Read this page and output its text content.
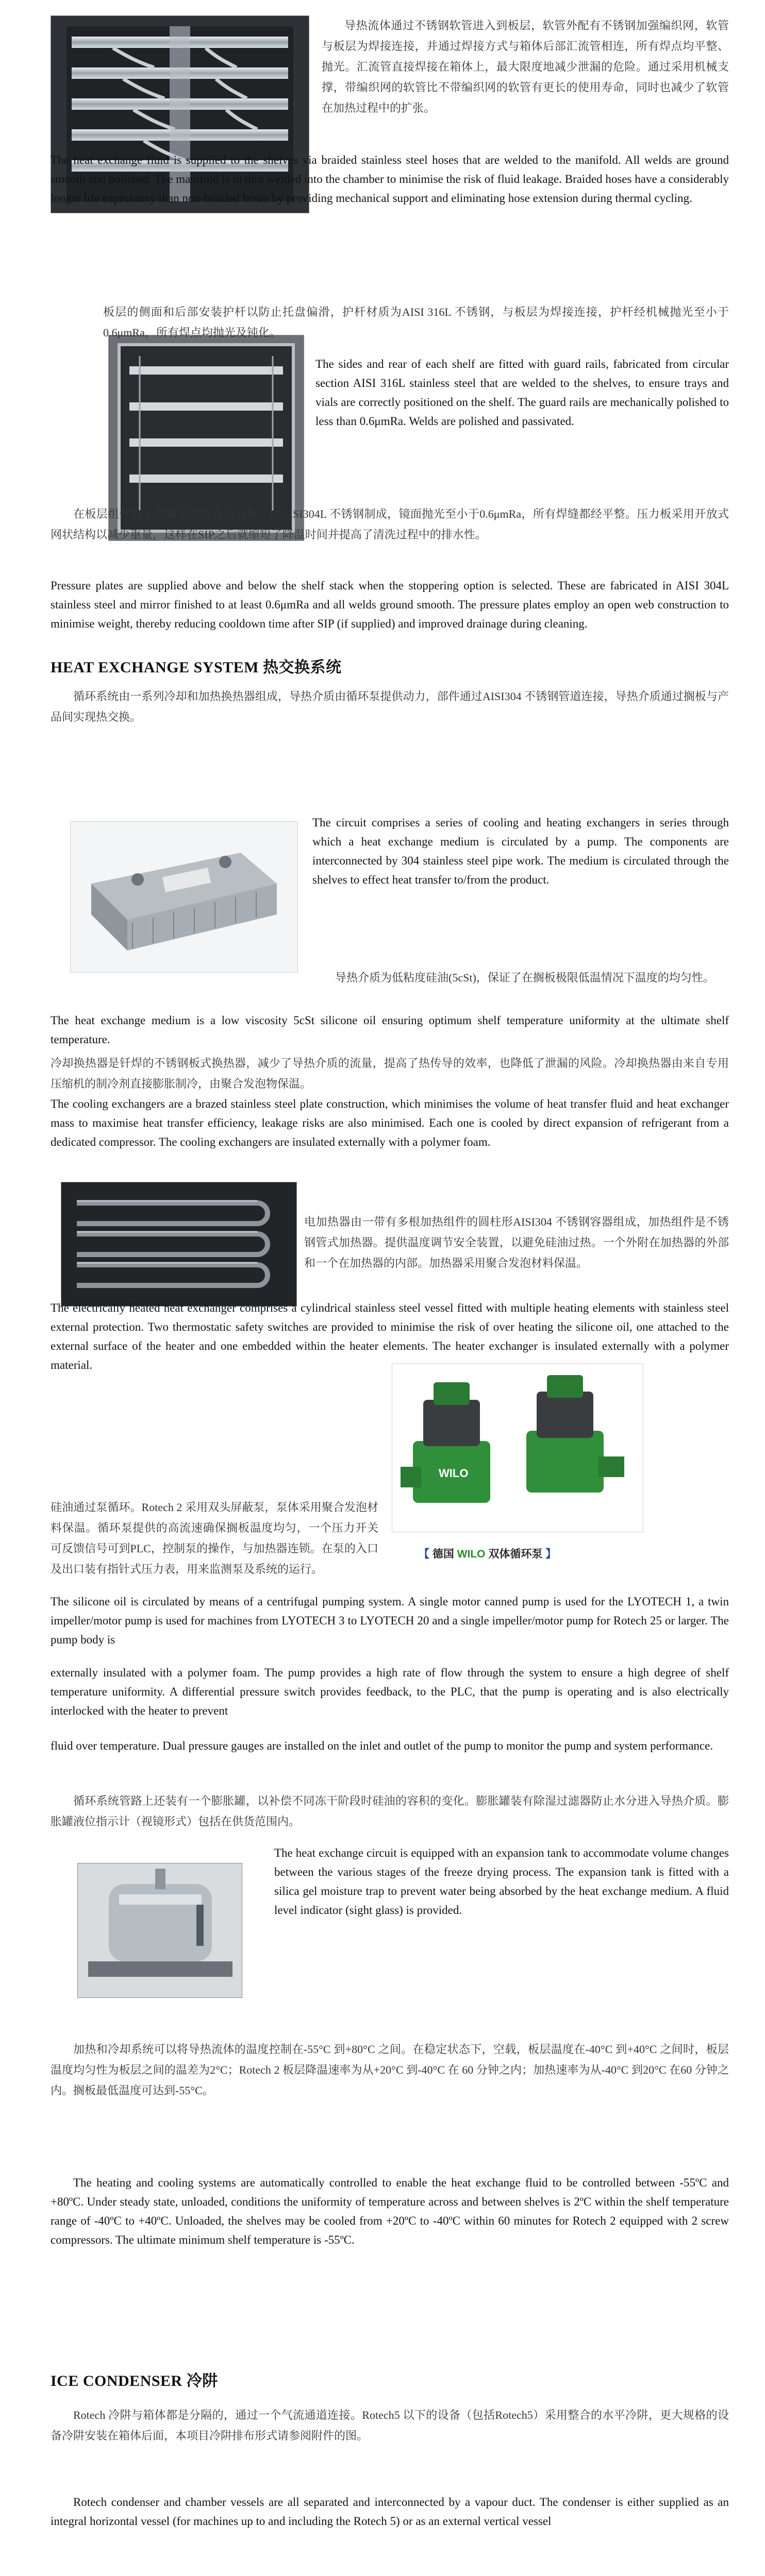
导热流体通过不锈钢软管进入到板层，软管外配有不锈钢加强编织网，软管与板层为焊接连接，并通过焊接方式与箱体后部汇流管相连，所有焊点均平整、抛光。汇流管直接焊接在箱体上，最大限度地减少泄漏的危险。通过采用机械支撑，带编织网的软管比不带编织网的软管有更长的使用寿命，同时也减少了软管在加热过程中的扩张。

The heat exchange fluid is supplied to the shelves via braided stainless steel hoses that are welded to the manifold. All welds are ground smooth and polished. The manifold is in turn welded into the chamber to minimise the risk of fluid leakage. Braided hoses have a considerably longer life expectancy than non-braided hoses by providing mechanical support and eliminating hose extension during thermal cycling.

板层的侧面和后部安装护杆以防止托盘偏滑，护杆材质为AISI 316L 不锈钢，与板层为焊接连接，护杆经机械抛光至小于0.6μmRa，所有焊点均抛光及钝化。

The sides and rear of each shelf are fitted with guard rails, fabricated from circular section AISI 316L stainless steel that are welded to the shelves, to ensure trays and vials are correctly positioned on the shelf. The guard rails are mechanically polished to less than 0.6μmRa. Welds are polished and passivated.

在板层组件的上部和下部装有压力板，由AISI304L 不锈钢制成，镜面抛光至小于0.6μmRa，所有焊缝都经平整。压力板采用开放式网状结构以减少重量，这样在SIP之后就缩短了降温时间并提高了清洗过程中的排水性。

Pressure plates are supplied above and below the shelf stack when the stoppering option is selected. These are fabricated in AISI 304L stainless steel and mirror finished to at least 0.6μmRa and all welds ground smooth. The pressure plates employ an open web construction to minimise weight, thereby reducing cooldown time after SIP (if supplied) and improved drainage during cleaning.

HEAT EXCHANGE SYSTEM 热交换系统

循环系统由一系列冷却和加热换热器组成，导热介质由循环泵提供动力，部件通过AISI304 不锈钢管道连接，导热介质通过搁板与产品间实现热交换。

The circuit comprises a series of cooling and heating exchangers in series through which a heat exchange medium is circulated by a pump. The components are interconnected by 304 stainless steel pipe work. The medium is circulated through the shelves to effect heat transfer to/from the product.

导热介质为低粘度硅油(5cSt)，保证了在搁板极限低温情况下温度的均匀性。

The heat exchange medium is a low viscosity 5cSt silicone oil ensuring optimum shelf temperature uniformity at the ultimate shelf temperature.

冷却换热器是钎焊的不锈钢板式换热器，减少了导热介质的流量，提高了热传导的效率，也降低了泄漏的风险。冷却换热器由来自专用压缩机的制冷剂直接膨胀制冷，由聚合发泡物保温。

The cooling exchangers are a brazed stainless steel plate construction, which minimises the volume of heat transfer fluid and heat exchanger mass to maximise heat transfer efficiency, leakage risks are also minimised. Each one is cooled by direct expansion of refrigerant from a dedicated compressor. The cooling exchangers are insulated externally with a polymer foam.

电加热器由一带有多根加热组件的圆柱形AISI304 不锈钢容器组成，加热组件是不锈钢管式加热器。提供温度调节安全装置，以避免硅油过热。一个外附在加热器的外部和一个在加热器的内部。加热器采用聚合发泡材料保温。

The electrically heated heat exchanger comprises a cylindrical stainless steel vessel fitted with multiple heating elements with stainless steel external protection. Two thermostatic safety switches are provided to minimise the risk of over heating the silicone oil, one attached to the external surface of the heater and one embedded within the heater elements. The heater exchanger is insulated externally with a polymer material.

WILO
【 德国 WILO 双体循环泵 】

硅油通过泵循环。Rotech 2 采用双头屏蔽泵，泵体采用聚合发泡材料保温。循环泵提供的高流速确保搁板温度均匀，一个压力开关可反馈信号可到PLC，控制泵的操作，与加热器连锁。在泵的入口及出口装有指针式压力表，用来监测泵及系统的运行。

The silicone oil is circulated by means of a centrifugal pumping system. A single motor canned pump is used for the LYOTECH 1, a twin impeller/motor pump is used for machines from LYOTECH 3 to LYOTECH 20 and a single impeller/motor pump for Rotech 25 or larger. The pump body is

externally insulated with a polymer foam. The pump provides a high rate of flow through the system to ensure a high degree of shelf temperature uniformity. A differential pressure switch provides feedback, to the PLC, that the pump is operating and is also electrically interlocked with the heater to prevent

fluid over temperature. Dual pressure gauges are installed on the inlet and outlet of the pump to monitor the pump and system performance.

循环系统管路上还装有一个膨胀罐，以补偿不同冻干阶段时硅油的容积的变化。膨胀罐装有除湿过滤器防止水分进入导热介质。膨胀罐液位指示计（视镜形式）包括在供货范围内。

The heat exchange circuit is equipped with an expansion tank to accommodate volume changes between the various stages of the freeze drying process. The expansion tank is fitted with a silica gel moisture trap to prevent water being absorbed by the heat exchange medium. A fluid level indicator (sight glass) is provided.

加热和冷却系统可以将导热流体的温度控制在-55°C 到+80°C 之间。在稳定状态下，空载，板层温度在-40°C 到+40°C 之间时，板层温度均匀性为板层之间的温差为2°C；Rotech 2 板层降温速率为从+20°C 到-40°C 在 60 分钟之内；加热速率为从-40°C 到20°C 在60 分钟之内。搁板最低温度可达到-55°C。

The heating and cooling systems are automatically controlled to enable the heat exchange fluid to be controlled between -55ºC and +80ºC. Under steady state, unloaded, conditions the uniformity of temperature across and between shelves is 2ºC within the shelf temperature range of -40ºC to +40ºC. Unloaded, the shelves may be cooled from +20ºC to -40ºC within 60 minutes for Rotech 2 equipped with 2 screw compressors. The ultimate minimum shelf temperature is -55ºC.

ICE CONDENSER 冷阱

Rotech 冷阱与箱体都是分隔的，通过一个气流通道连接。Rotech5 以下的设备（包括Rotech5）采用整合的水平冷阱，更大规格的设备冷阱安装在箱体后面，本项目冷阱排布形式请参阅附件的图。

Rotech condenser and chamber vessels are all separated and interconnected by a vapour duct. The condenser is either supplied as an integral horizontal vessel (for machines up to and including the Rotech 5) or as an external vertical vessel
